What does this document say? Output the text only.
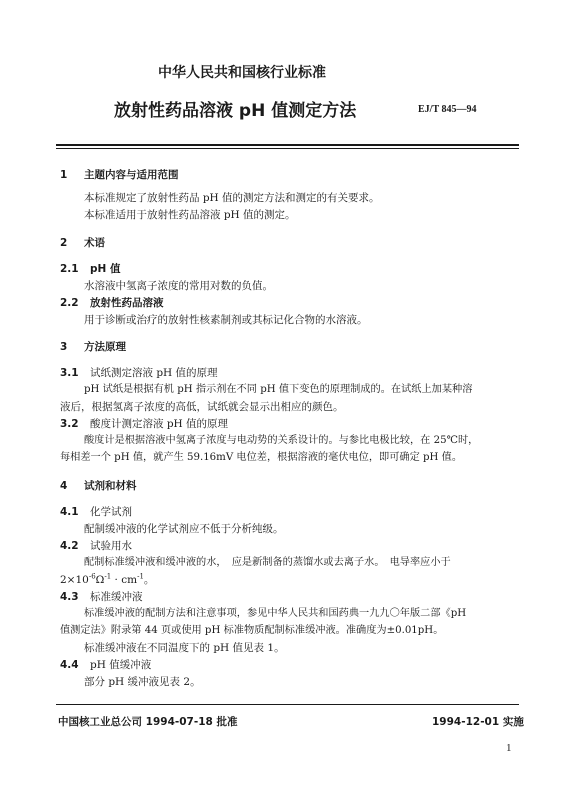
中华人民共和国核行业标准
放射性药品溶液 pH 值测定方法	EJ/T 845—94
1 主题内容与适用范围
本标准规定了放射性药品 pH 值的测定方法和测定的有关要求。
本标准适用于放射性药品溶液 pH 值的测定。
2 术语
2.1 pH 值
水溶液中氢离子浓度的常用对数的负值。
2.2 放射性药品溶液
用于诊断或治疗的放射性核素制剂或其标记化合物的水溶液。
3 方法原理
3.1 试纸测定溶液 pH 值的原理
pH 试纸是根据有机 pH 指示剂在不同 pH 值下变色的原理制成的。在试纸上加某种溶
液后，根据氢离子浓度的高低，试纸就会显示出相应的颜色。
3.2 酸度计测定溶液 pH 值的原理
酸度计是根据溶液中氢离子浓度与电动势的关系设计的。与参比电极比较，在 25℃时，
每相差一个 pH 值，就产生 59.16mV 电位差，根据溶液的毫伏电位，即可确定 pH 值。
4 试剂和材料
4.1 化学试剂
配制缓冲液的化学试剂应不低于分析纯级。
4.2 试验用水
配制标准缓冲液和缓冲液的水，　应是新制备的蒸馏水或去离子水。　电导率应小于
$2\times 10^{-6}\Omega^{-1} \cdot cm^{-1}$。
4.3 标准缓冲液
标准缓冲液的配制方法和注意事项，参见中华人民共和国药典一九九〇年版二部《pH
值测定法》附录第 44 页或使用 pH 标准物质配制标准缓冲液。准确度为±0.01pH。
标准缓冲液在不同温度下的 pH 值见表 1。
4.4 pH 值缓冲液
部分 pH 缓冲液见表 2。
中国核工业总公司 1994-07-18 批准	1994-12-01 实施
1
